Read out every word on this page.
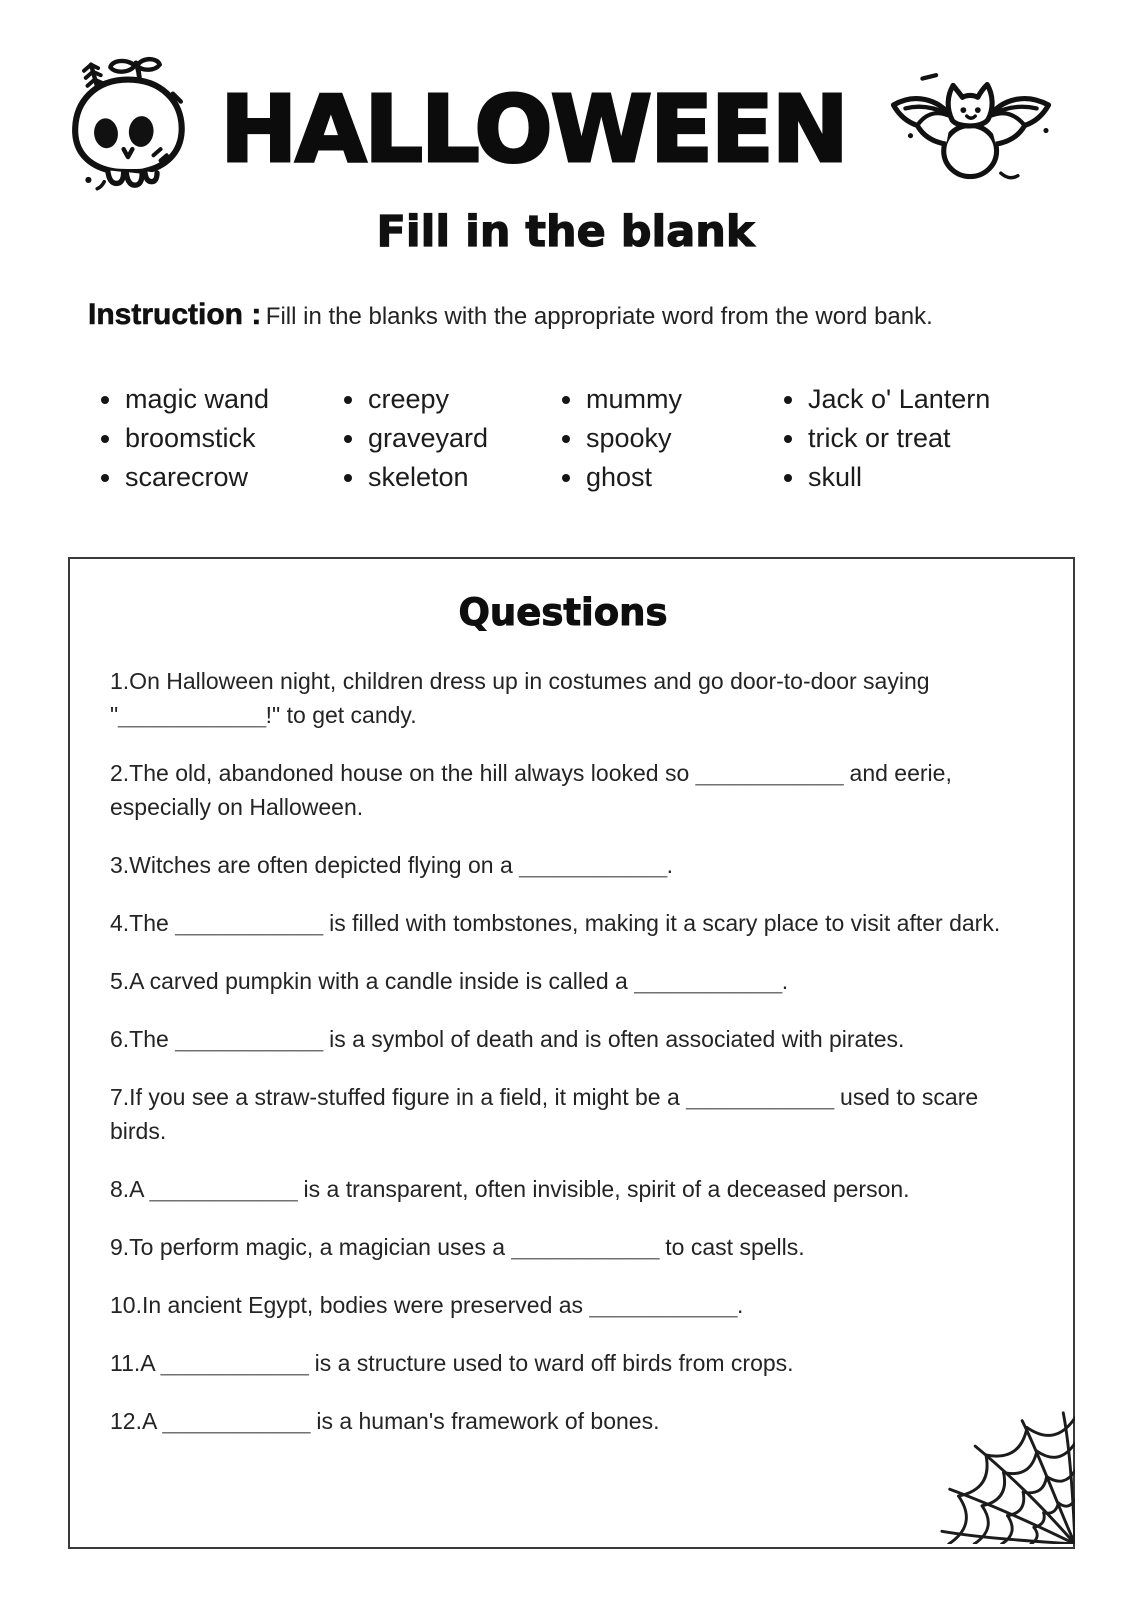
HALLOWEEN
Fill in the blank
Instruction : Fill in the blanks with the appropriate word from the word bank.
magic wand
broomstick
scarecrow
creepy
graveyard
skeleton
mummy
spooky
ghost
Jack o' Lantern
trick or treat
skull
Questions

1.On Halloween night, children dress up in costumes and go door-to-door saying "____________!" to get candy.

2.The old, abandoned house on the hill always looked so ____________ and eerie, especially on Halloween.

3.Witches are often depicted flying on a ____________.

4.The ____________ is filled with tombstones, making it a scary place to visit after dark.

5.A carved pumpkin with a candle inside is called a ____________.

6.The ____________ is a symbol of death and is often associated with pirates.

7.If you see a straw-stuffed figure in a field, it might be a ____________ used to scare birds.

8.A ____________ is a transparent, often invisible, spirit of a deceased person.

9.To perform magic, a magician uses a ____________ to cast spells.

10.In ancient Egypt, bodies were preserved as ____________.

11.A ____________ is a structure used to ward off birds from crops.

12.A ____________ is a human's framework of bones.
